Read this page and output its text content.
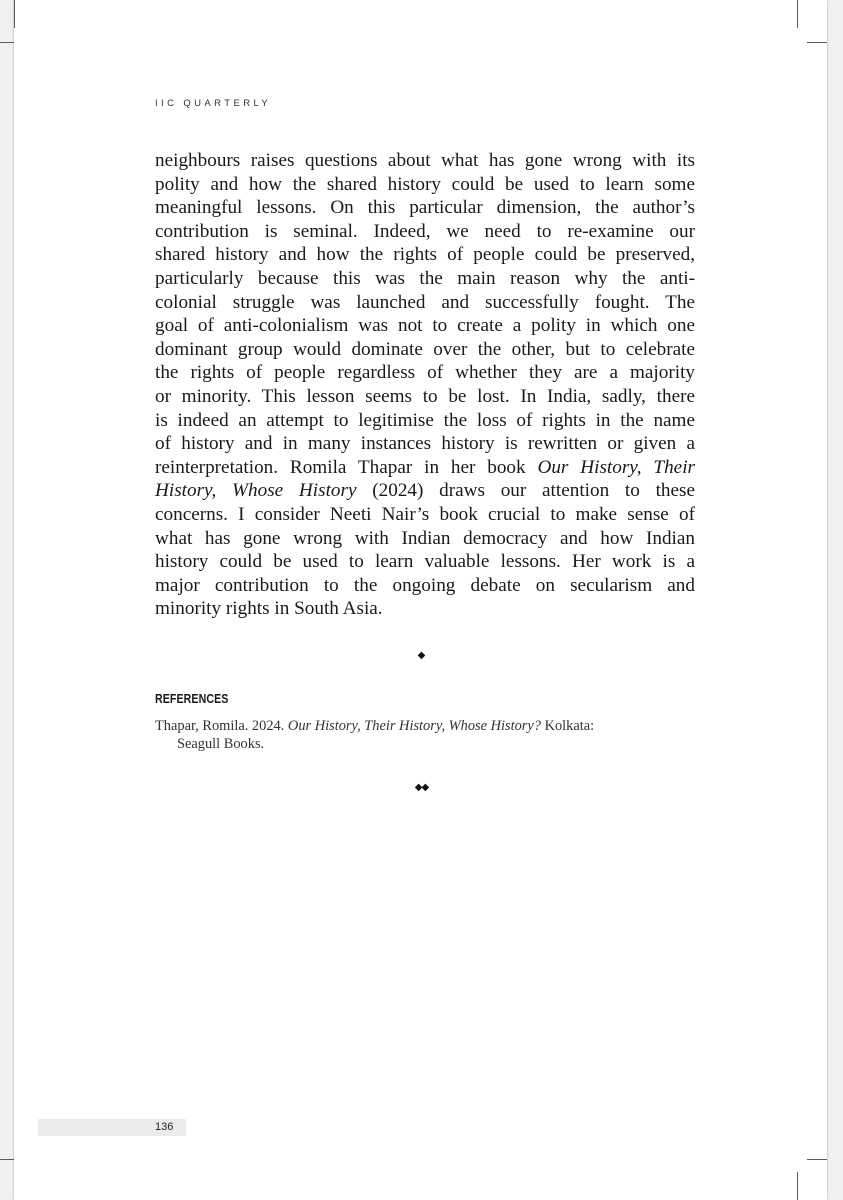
IIC QUARTERLY

neighbours raises questions about what has gone wrong with its
polity and how the shared history could be used to learn some
meaningful lessons. On this particular dimension, the author’s
contribution is seminal. Indeed, we need to re-examine our
shared history and how the rights of people could be preserved,
particularly because this was the main reason why the anti-
colonial struggle was launched and successfully fought. The
goal of anti-colonialism was not to create a polity in which one
dominant group would dominate over the other, but to celebrate
the rights of people regardless of whether they are a majority
or minority. This lesson seems to be lost. In India, sadly, there
is indeed an attempt to legitimise the loss of rights in the name
of history and in many instances history is rewritten or given a
reinterpretation. Romila Thapar in her book Our History, Their
History, Whose History (2024) draws our attention to these
concerns. I consider Neeti Nair’s book crucial to make sense of
what has gone wrong with Indian democracy and how Indian
history could be used to learn valuable lessons. Her work is a
major contribution to the ongoing debate on secularism and
minority rights in South Asia.

◆
REFERENCES
Thapar, Romila. 2024. Our History, Their History, Whose History? Kolkata:
Seagull Books.
◆◆
136
